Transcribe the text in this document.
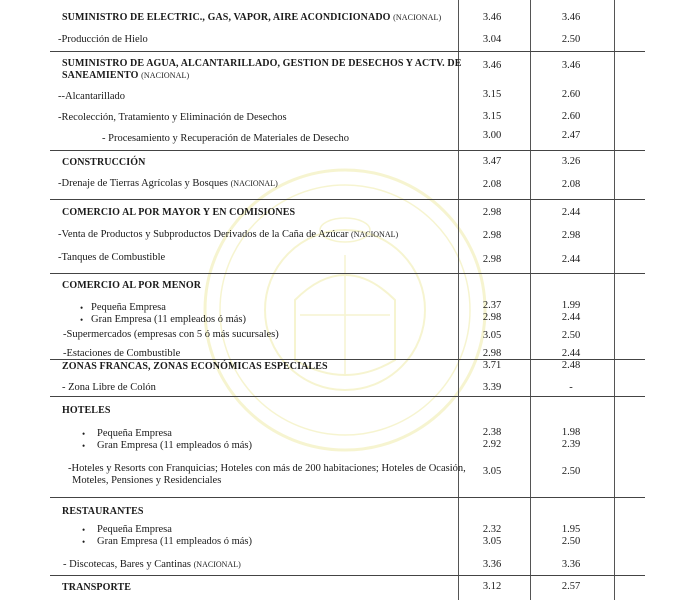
SUMINISTRO DE ELECTRIC., GAS, VAPOR, AIRE ACONDICIONADO (NACIONAL)	3.46	3.46
-Producción de Hielo	3.04	2.50
SUMINISTRO DE AGUA, ALCANTARILLADO, GESTION DE DESECHOS Y ACTV. DE
SANEAMIENTO (NACIONAL)
3.46	3.46
--Alcantarillado	3.15	2.60
-Recolección, Tratamiento y Eliminación de Desechos	3.15	2.60
- Procesamiento y Recuperación de Materiales de Desecho	3.00	2.47
CONSTRUCCIÓN	3.47	3.26
-Drenaje de Tierras Agrícolas y Bosques (NACIONAL)	2.08	2.08
COMERCIO AL POR MAYOR Y EN COMISIONES	2.98	2.44
-Venta de Productos y Subproductos Derivados de la Caña de Azúcar (NACIONAL)	2.98	2.98
-Tanques de Combustible	2.98	2.44
COMERCIO AL POR MENOR
• Pequeña Empresa	2.37	1.99
• Gran Empresa (11 empleados ó más)	2.98	2.44
-Supermercados (empresas con 5 ó más sucursales)	3.05	2.50
-Estaciones de Combustible	2.98	2.44
ZONAS FRANCAS, ZONAS ECONÓMICAS ESPECIALES	3.71	2.48
- Zona Libre de Colón	3.39	-
HOTELES
• Pequeña Empresa	2.38	1.98
• Gran Empresa (11 empleados ó más)	2.92	2.39
-Hoteles y Resorts con Franquicias; Hoteles con más de 200 habitaciones; Hoteles de Ocasión,
Moteles, Pensiones y Residenciales
3.05	2.50
RESTAURANTES
• Pequeña Empresa	2.32	1.95
• Gran Empresa (11 empleados ó más)	3.05	2.50
- Discotecas, Bares y Cantinas (NACIONAL)	3.36	3.36
TRANSPORTE	3.12	2.57
